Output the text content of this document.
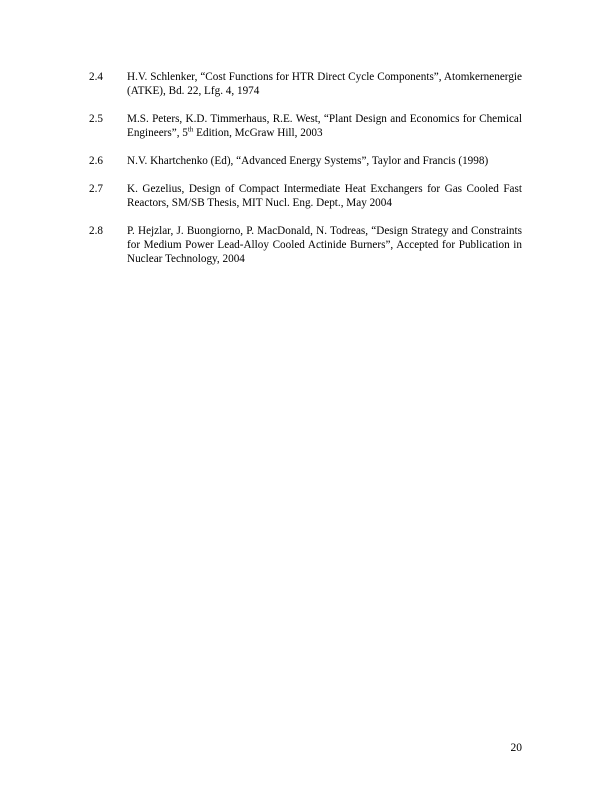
2.4	H.V. Schlenker, “Cost Functions for HTR Direct Cycle Components”, Atomkernenergie (ATKE), Bd. 22, Lfg. 4, 1974
2.5	M.S. Peters, K.D. Timmerhaus, R.E. West, “Plant Design and Economics for Chemical Engineers”, 5th Edition, McGraw Hill, 2003
2.6	N.V. Khartchenko (Ed), “Advanced Energy Systems”, Taylor and Francis (1998)
2.7	K. Gezelius, Design of Compact Intermediate Heat Exchangers for Gas Cooled Fast Reactors, SM/SB Thesis, MIT Nucl. Eng. Dept., May 2004
2.8	P. Hejzlar, J. Buongiorno, P. MacDonald, N. Todreas, “Design Strategy and Constraints for Medium Power Lead-Alloy Cooled Actinide Burners”, Accepted for Publication in Nuclear Technology, 2004
20
